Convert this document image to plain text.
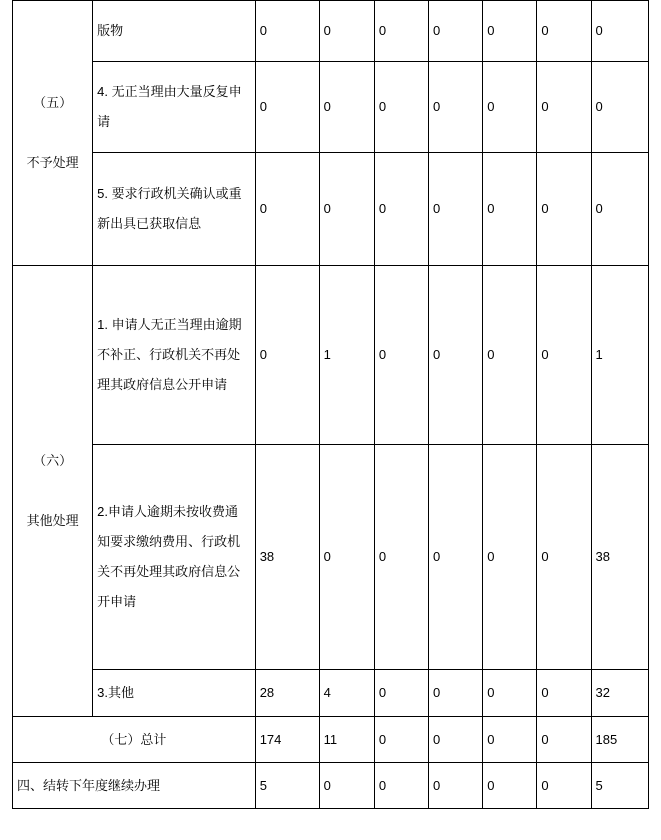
（五）
不予处理	版物	0	0	0	0	0	0	0
	4. 无正当理由大量反复申请	0	0	0	0	0	0	0
	5. 要求行政机关确认或重新出具已获取信息	0	0	0	0	0	0	0

（六）
其他处理	1. 申请人无正当理由逾期不补正、行政机关不再处理其政府信息公开申请	0	1	0	0	0	0	1
	2.申请人逾期未按收费通知要求缴纳费用、行政机关不再处理其政府信息公开申请	38	0	0	0	0	0	38
	3.其他	28	4	0	0	0	0	32
（七）总计		174	11	0	0	0	0	185
四、结转下年度继续办理		5	0	0	0	0	0	5
